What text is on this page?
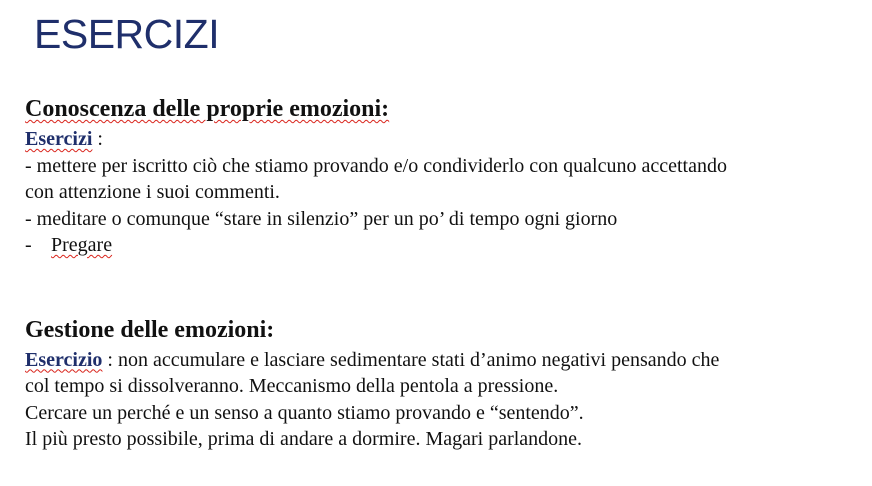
ESERCIZI
Conoscenza delle proprie emozioni:
Esercizi :
- mettere per iscritto ciò che stiamo provando e/o condividerlo con qualcuno accettando
con attenzione i suoi commenti.
- meditare o comunque “stare in silenzio” per un po’ di tempo ogni giorno
- Pregare
Gestione delle emozioni:
Esercizio : non accumulare e lasciare sedimentare stati d’animo negativi pensando che
col tempo si dissolveranno. Meccanismo della pentola a pressione.
Cercare un perché e un senso a quanto stiamo provando e “sentendo”.
Il più presto possibile, prima di andare a dormire. Magari parlandone.
